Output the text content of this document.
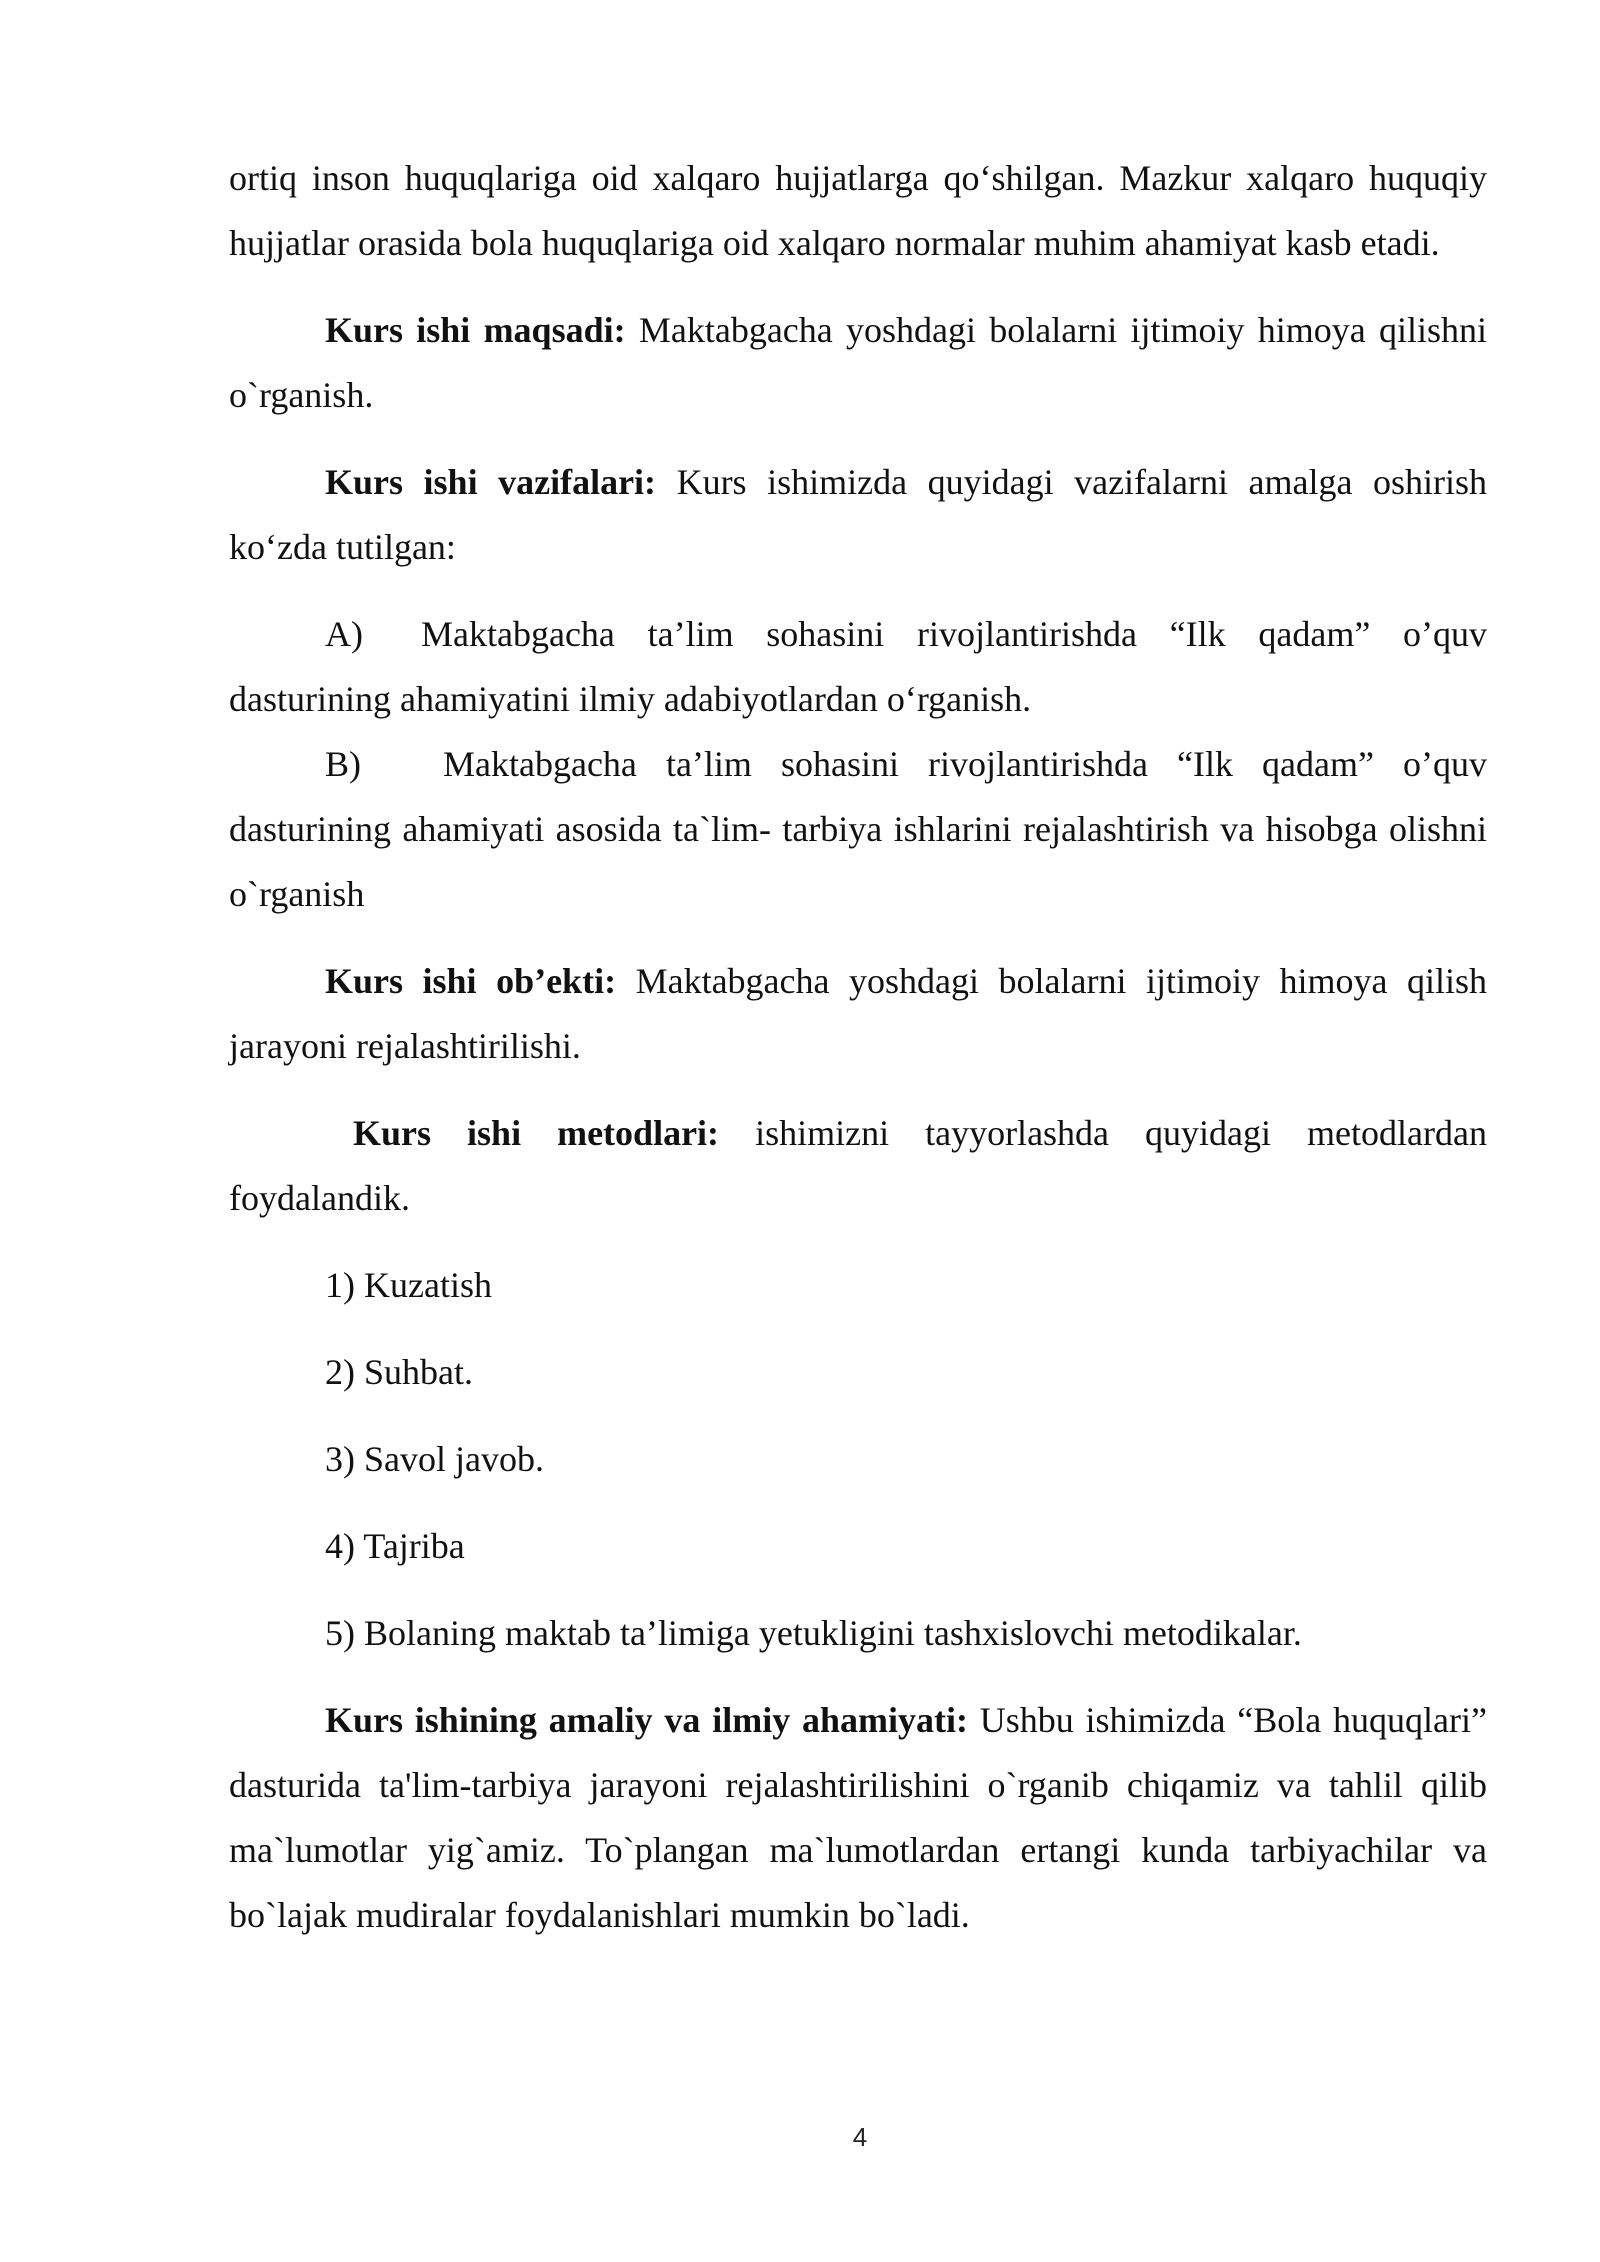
ortiq inson huquqlariga oid xalqaro hujjatlarga qo‘shilgan. Mazkur xalqaro huquqiy hujjatlar orasida bola huquqlariga oid xalqaro normalar muhim ahamiyat kasb etadi.

Kurs ishi maqsadi: Maktabgacha yoshdagi bolalarni ijtimoiy himoya qilishni o`rganish.

Kurs ishi vazifalari: Kurs ishimizda quyidagi vazifalarni amalga oshirish ko‘zda tutilgan:

A) Maktabgacha ta’lim sohasini rivojlantirishda “Ilk qadam” o’quv dasturining ahamiyatini ilmiy adabiyotlardan o‘rganish.

B) Maktabgacha ta’lim sohasini rivojlantirishda “Ilk qadam” o’quv dasturining ahamiyati asosida ta`lim- tarbiya ishlarini rejalashtirish va hisobga olishni o`rganish

Kurs ishi ob’ekti: Maktabgacha yoshdagi bolalarni ijtimoiy himoya qilish jarayoni rejalashtirilishi.

Kurs ishi metodlari: ishimizni tayyorlashda quyidagi metodlardan foydalandik.

1) Kuzatish

2) Suhbat.

3) Savol javob.

4) Tajriba

5) Bolaning maktab ta’limiga yetukligini tashxislovchi metodikalar.

Kurs ishining amaliy va ilmiy ahamiyati: Ushbu ishimizda “Bola huquqlari” dasturida ta'lim-tarbiya jarayoni rejalashtirilishini o`rganib chiqamiz va tahlil qilib ma`lumotlar yig`amiz. To`plangan ma`lumotlardan ertangi kunda tarbiyachilar va bo`lajak mudiralar foydalanishlari mumkin bo`ladi.

4
